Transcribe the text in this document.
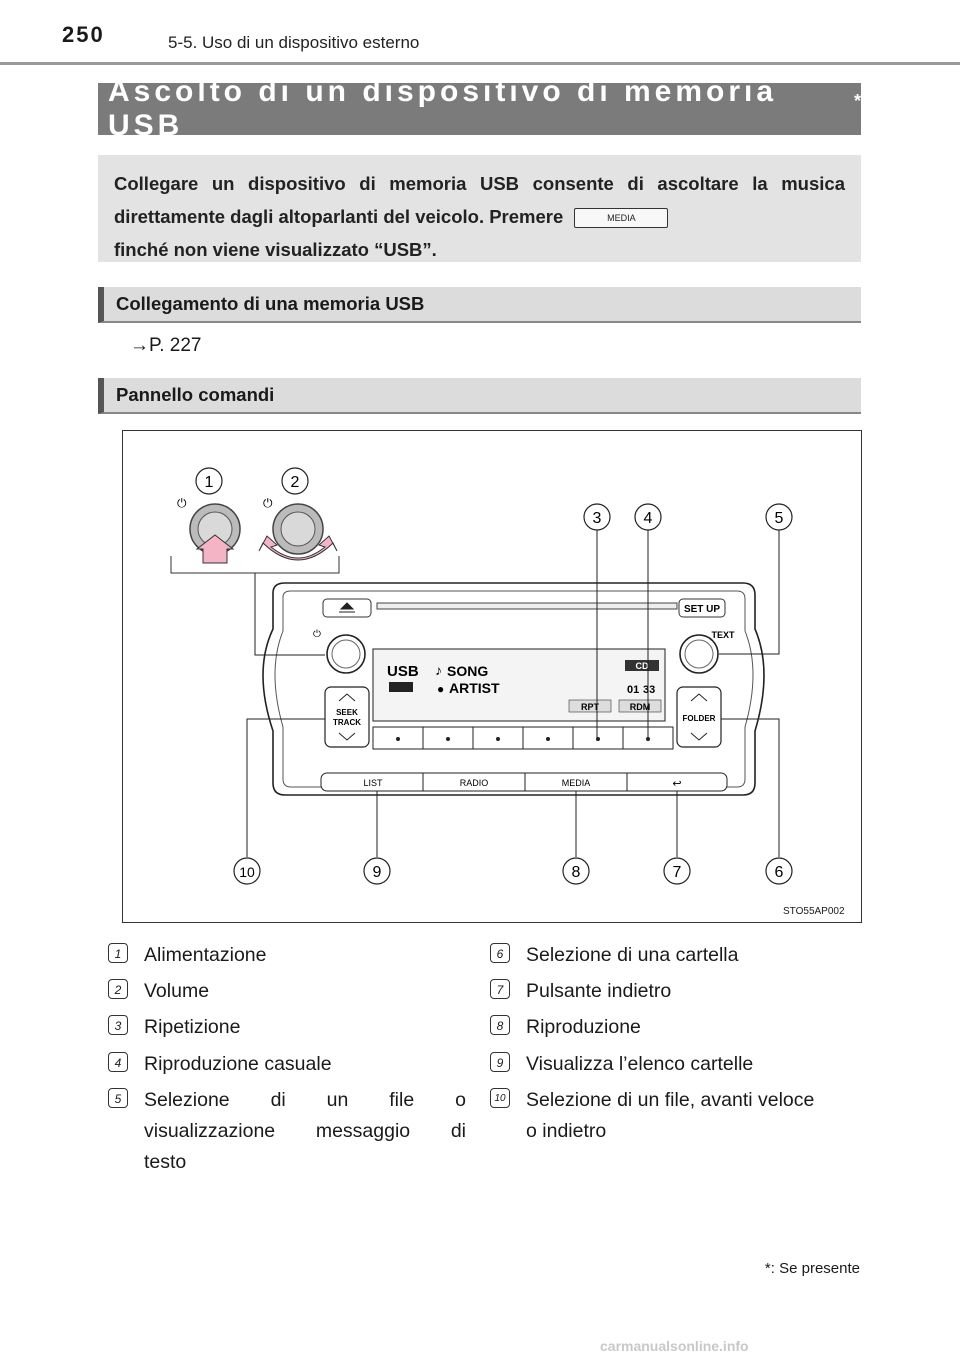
250	5-5. Uso di un dispositivo esterno
Ascolto di un dispositivo di memoria USB
*
Collegare un dispositivo di memoria USB consente di ascoltare la musica direttamente dagli altoparlanti del veicolo. Premere	MEDIA
finché non viene visualizzato “USB”.
Collegamento di una memoria USB
→P. 227
Pannello comandi
1	2
3	4	5
⏻	⏻
SET UP
TEXT
⏻
USB ♪ SONG
● ARTIST
CD
01 33
RPT	RDM
SEEK
TRACK	FOLDER
LIST	RADIO	MEDIA	↩
10	9	8	7	6
STO55AP002
1	Alimentazione
2	Volume
3	Ripetizione
4	Riproduzione casuale
5	Selezione di un file o
visualizzazione messaggio di
testo
6	Selezione di una cartella
7	Pulsante indietro
8	Riproduzione
9	Visualizza l’elenco cartelle
10 Selezione di un file, avanti veloce
o indietro
*: Se presente
carmanualsonline.info
